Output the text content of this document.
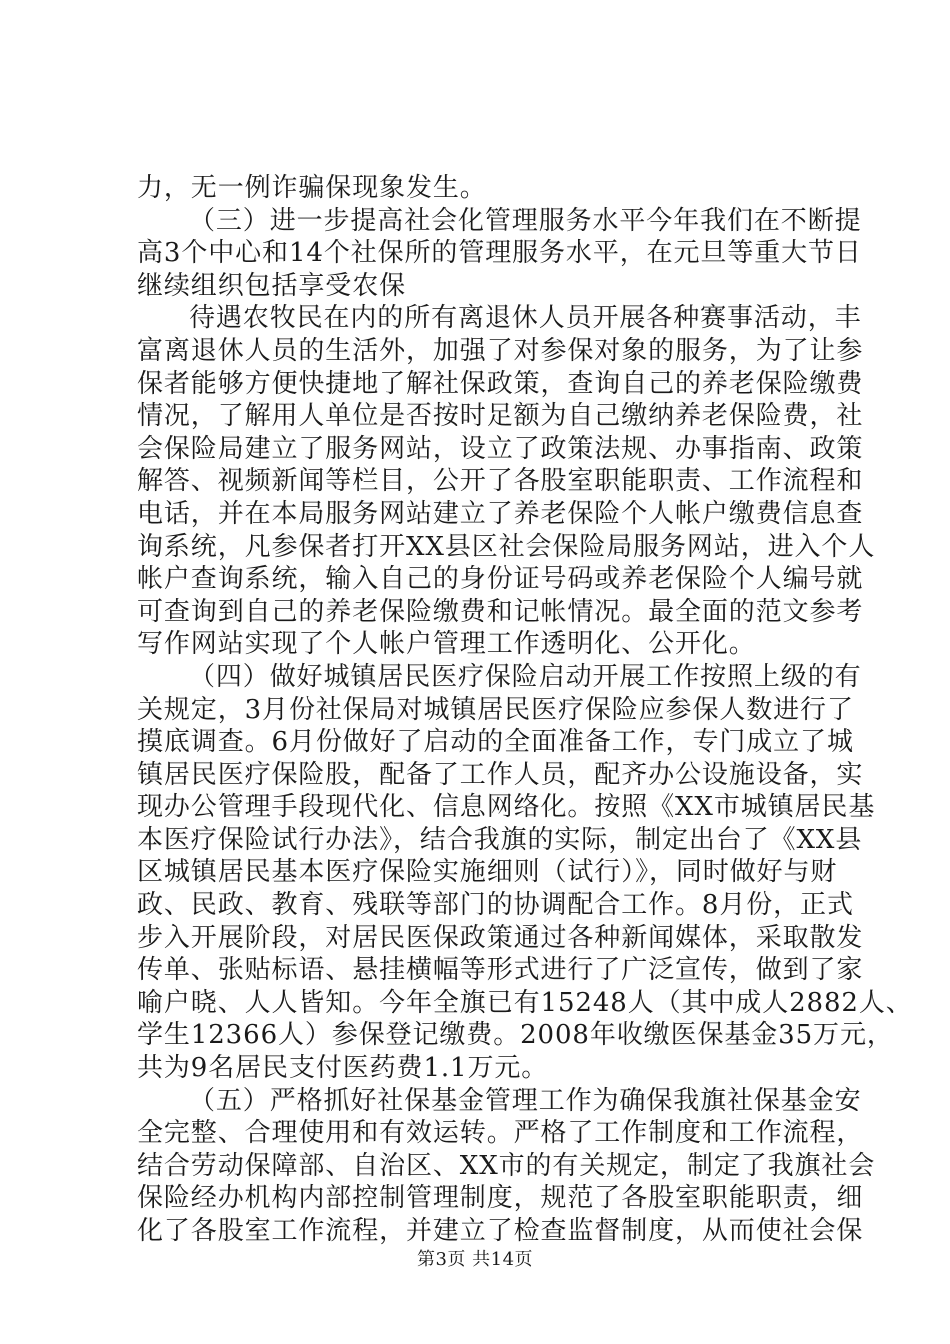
力，无一例诈骗保现象发生。
（三）进一步提高社会化管理服务水平今年我们在不断提
高3个中心和14个社保所的管理服务水平，在元旦等重大节日
继续组织包括享受农保
待遇农牧民在内的所有离退休人员开展各种赛事活动，丰
富离退休人员的生活外，加强了对参保对象的服务，为了让参
保者能够方便快捷地了解社保政策，查询自己的养老保险缴费
情况，了解用人单位是否按时足额为自己缴纳养老保险费，社
会保险局建立了服务网站，设立了政策法规、办事指南、政策
解答、视频新闻等栏目，公开了各股室职能职责、工作流程和
电话，并在本局服务网站建立了养老保险个人帐户缴费信息查
询系统，凡参保者打开XX县区社会保险局服务网站，进入个人
帐户查询系统，输入自己的身份证号码或养老保险个人编号就
可查询到自己的养老保险缴费和记帐情况。最全面的范文参考
写作网站实现了个人帐户管理工作透明化、公开化。
（四）做好城镇居民医疗保险启动开展工作按照上级的有
关规定，3月份社保局对城镇居民医疗保险应参保人数进行了
摸底调查。6月份做好了启动的全面准备工作，专门成立了城
镇居民医疗保险股，配备了工作人员，配齐办公设施设备，实
现办公管理手段现代化、信息网络化。按照《XX市城镇居民基
本医疗保险试行办法》，结合我旗的实际，制定出台了《XX县
区城镇居民基本医疗保险实施细则（试行）》，同时做好与财
政、民政、教育、残联等部门的协调配合工作。8月份，正式
步入开展阶段，对居民医保政策通过各种新闻媒体，采取散发
传单、张贴标语、悬挂横幅等形式进行了广泛宣传，做到了家
喻户晓、人人皆知。今年全旗已有15248人（其中成人2882人、
学生12366人）参保登记缴费。2008年收缴医保基金35万元，
共为9名居民支付医药费1.1万元。
（五）严格抓好社保基金管理工作为确保我旗社保基金安
全完整、合理使用和有效运转。严格了工作制度和工作流程，
结合劳动保障部、自治区、XX市的有关规定，制定了我旗社会
保险经办机构内部控制管理制度，规范了各股室职能职责，细
化了各股室工作流程，并建立了检查监督制度，从而使社会保
第3页 共14页
